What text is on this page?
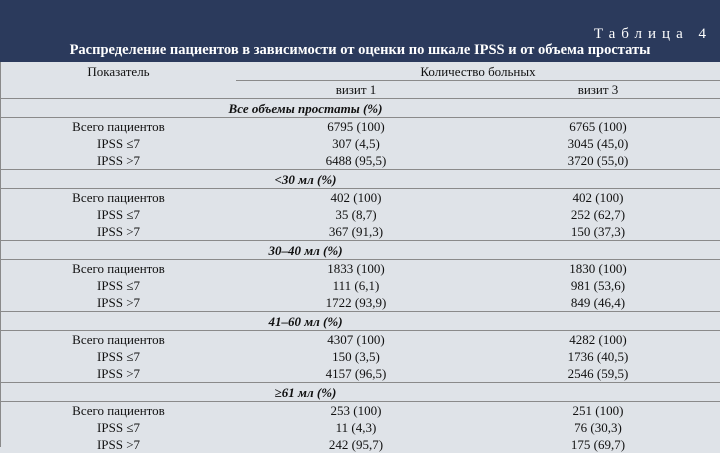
Таблица 4
Распределение пациентов в зависимости от оценки по шкале IPSS и от объема простаты
Показатель	Количество больных	
	визит 1	визит 3
Все объемы простаты (%)		
Всего пациентов	6795 (100)	6765 (100)
IPSS ≤7	307 (4,5)	3045 (45,0)
IPSS >7	6488 (95,5)	3720 (55,0)
<30 мл (%)		
Всего пациентов	402 (100)	402 (100)
IPSS ≤7	35 (8,7)	252 (62,7)
IPSS >7	367 (91,3)	150 (37,3)
30–40 мл (%)		
Всего пациентов	1833 (100)	1830 (100)
IPSS ≤7	111 (6,1)	981 (53,6)
IPSS >7	1722 (93,9)	849 (46,4)
41–60 мл (%)		
Всего пациентов	4307 (100)	4282 (100)
IPSS ≤7	150 (3,5)	1736 (40,5)
IPSS >7	4157 (96,5)	2546 (59,5)
≥61 мл (%)		
Всего пациентов	253 (100)	251 (100)
IPSS ≤7	11 (4,3)	76 (30,3)
IPSS >7	242 (95,7)	175 (69,7)
